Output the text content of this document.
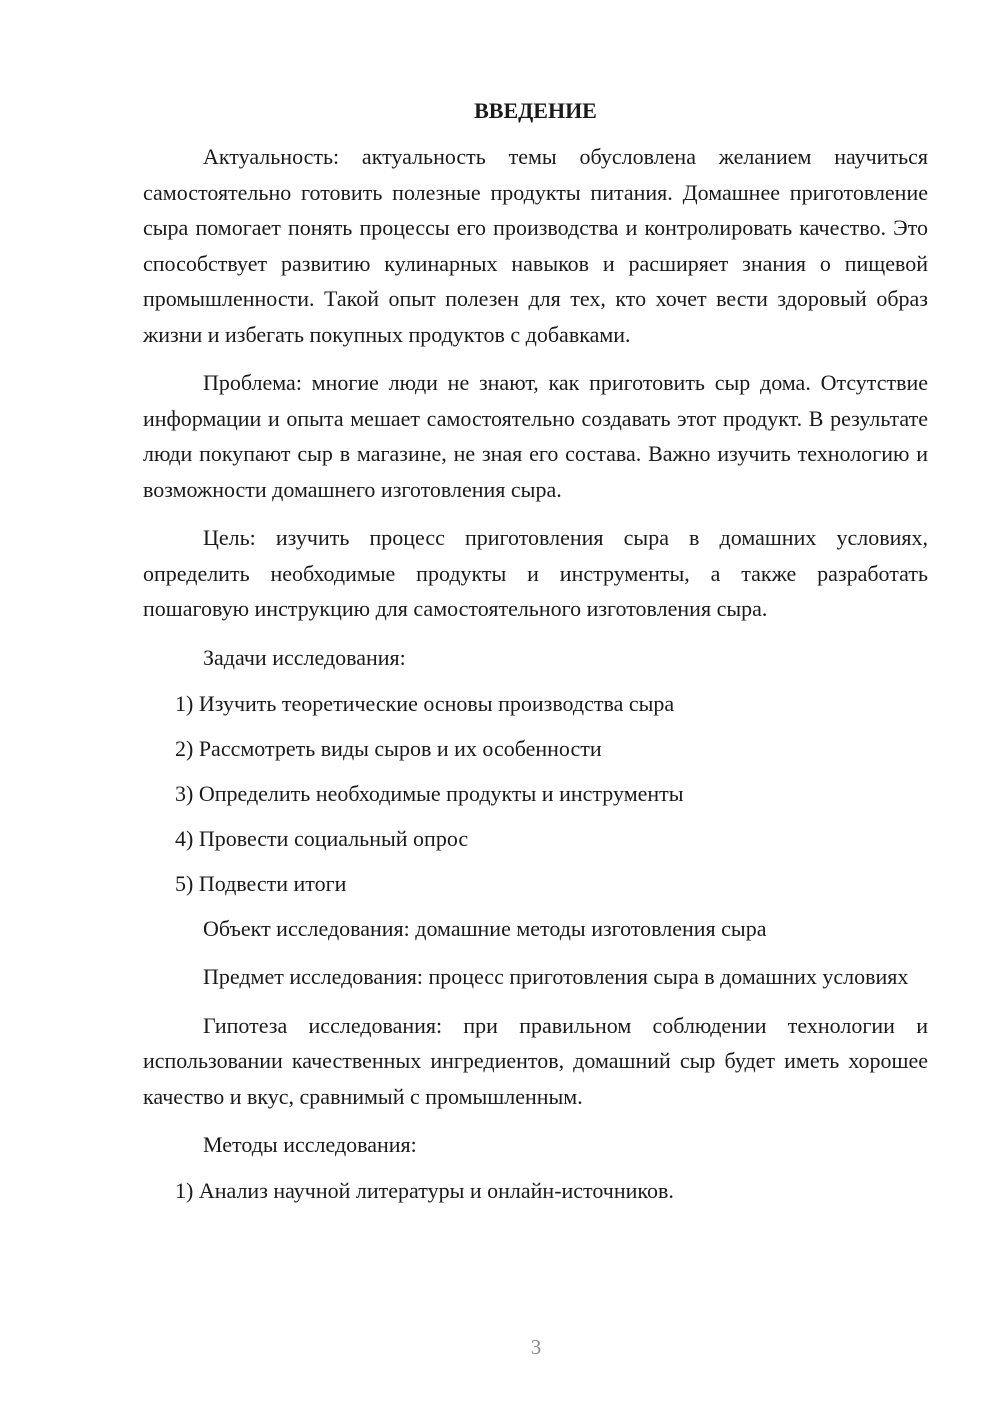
ВВЕДЕНИЕ

Актуальность: актуальность темы обусловлена желанием научиться самостоятельно готовить полезные продукты питания. Домашнее приготовление сыра помогает понять процессы его производства и контролировать качество. Это способствует развитию кулинарных навыков и расширяет знания о пищевой промышленности. Такой опыт полезен для тех, кто хочет вести здоровый образ жизни и избегать покупных продуктов с добавками.

Проблема: многие люди не знают, как приготовить сыр дома. Отсутствие информации и опыта мешает самостоятельно создавать этот продукт. В результате люди покупают сыр в магазине, не зная его состава. Важно изучить технологию и возможности домашнего изготовления сыра.

Цель: изучить процесс приготовления сыра в домашних условиях, определить необходимые продукты и инструменты, а также разработать пошаговую инструкцию для самостоятельного изготовления сыра.

Задачи исследования:

1) Изучить теоретические основы производства сыра

2) Рассмотреть виды сыров и их особенности

3) Определить необходимые продукты и инструменты

4) Провести социальный опрос

5) Подвести итоги

Объект исследования: домашние методы изготовления сыра

Предмет исследования: процесс приготовления сыра в домашних условиях

Гипотеза исследования: при правильном соблюдении технологии и использовании качественных ингредиентов, домашний сыр будет иметь хорошее качество и вкус, сравнимый с промышленным.

Методы исследования:

1) Анализ научной литературы и онлайн-источников.

3
